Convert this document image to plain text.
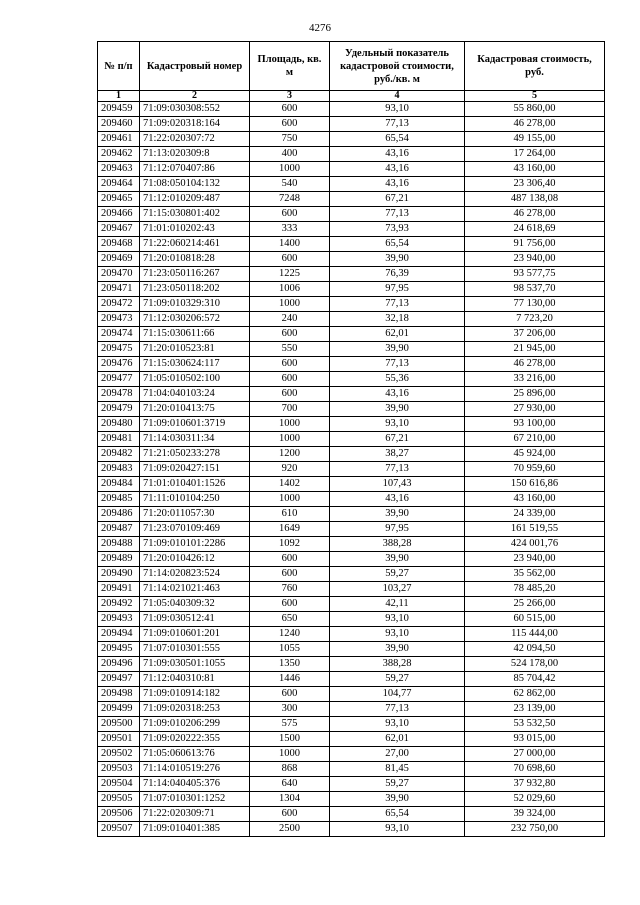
4276
№ п/п	Кадастровый номер	Площадь, кв. м	Удельный показатель кадастровой стоимости, руб./кв. м	Кадастровая стоимость, руб.
1	2	3	4	5
209459	71:09:030308:552	600	93,10	55 860,00
209460	71:09:020318:164	600	77,13	46 278,00
209461	71:22:020307:72	750	65,54	49 155,00
209462	71:13:020309:8	400	43,16	17 264,00
209463	71:12:070407:86	1000	43,16	43 160,00
209464	71:08:050104:132	540	43,16	23 306,40
209465	71:12:010209:487	7248	67,21	487 138,08
209466	71:15:030801:402	600	77,13	46 278,00
209467	71:01:010202:43	333	73,93	24 618,69
209468	71:22:060214:461	1400	65,54	91 756,00
209469	71:20:010818:28	600	39,90	23 940,00
209470	71:23:050116:267	1225	76,39	93 577,75
209471	71:23:050118:202	1006	97,95	98 537,70
209472	71:09:010329:310	1000	77,13	77 130,00
209473	71:12:030206:572	240	32,18	7 723,20
209474	71:15:030611:66	600	62,01	37 206,00
209475	71:20:010523:81	550	39,90	21 945,00
209476	71:15:030624:117	600	77,13	46 278,00
209477	71:05:010502:100	600	55,36	33 216,00
209478	71:04:040103:24	600	43,16	25 896,00
209479	71:20:010413:75	700	39,90	27 930,00
209480	71:09:010601:3719	1000	93,10	93 100,00
209481	71:14:030311:34	1000	67,21	67 210,00
209482	71:21:050233:278	1200	38,27	45 924,00
209483	71:09:020427:151	920	77,13	70 959,60
209484	71:01:010401:1526	1402	107,43	150 616,86
209485	71:11:010104:250	1000	43,16	43 160,00
209486	71:20:011057:30	610	39,90	24 339,00
209487	71:23:070109:469	1649	97,95	161 519,55
209488	71:09:010101:2286	1092	388,28	424 001,76
209489	71:20:010426:12	600	39,90	23 940,00
209490	71:14:020823:524	600	59,27	35 562,00
209491	71:14:021021:463	760	103,27	78 485,20
209492	71:05:040309:32	600	42,11	25 266,00
209493	71:09:030512:41	650	93,10	60 515,00
209494	71:09:010601:201	1240	93,10	115 444,00
209495	71:07:010301:555	1055	39,90	42 094,50
209496	71:09:030501:1055	1350	388,28	524 178,00
209497	71:12:040310:81	1446	59,27	85 704,42
209498	71:09:010914:182	600	104,77	62 862,00
209499	71:09:020318:253	300	77,13	23 139,00
209500	71:09:010206:299	575	93,10	53 532,50
209501	71:09:020222:355	1500	62,01	93 015,00
209502	71:05:060613:76	1000	27,00	27 000,00
209503	71:14:010519:276	868	81,45	70 698,60
209504	71:14:040405:376	640	59,27	37 932,80
209505	71:07:010301:1252	1304	39,90	52 029,60
209506	71:22:020309:71	600	65,54	39 324,00
209507	71:09:010401:385	2500	93,10	232 750,00
